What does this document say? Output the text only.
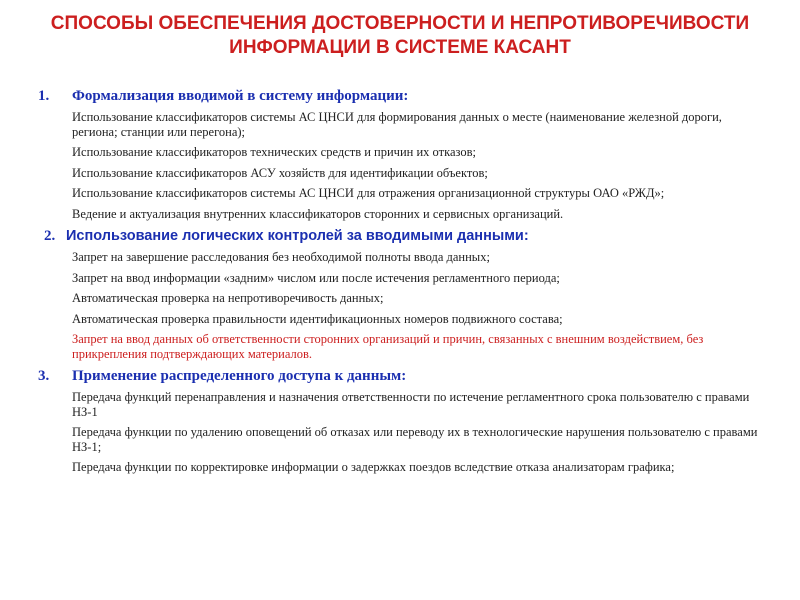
СПОСОБЫ ОБЕСПЕЧЕНИЯ ДОСТОВЕРНОСТИ И НЕПРОТИВОРЕЧИВОСТИ
ИНФОРМАЦИИ В СИСТЕМЕ КАСАНТ
1.	Формализация вводимой в систему информации:
Использование классификаторов системы АС ЦНСИ для формирования данных о месте (наименование железной дороги, региона; станции или перегона);
Использование классификаторов технических средств и причин их отказов;
Использование классификаторов АСУ хозяйств для идентификации объектов;
Использование классификаторов системы АС ЦНСИ для отражения организационной структуры ОАО «РЖД»;
Ведение и актуализация внутренних классификаторов сторонних и сервисных организаций.
2. Использование логических контролей за вводимыми данными:
Запрет на завершение расследования без необходимой полноты ввода данных;
Запрет на ввод информации «задним» числом или после истечения регламентного периода;
Автоматическая проверка на непротиворечивость данных;
Автоматическая проверка правильности идентификационных номеров подвижного состава;
Запрет на ввод данных об ответственности сторонних организаций и причин, связанных с внешним воздействием, без прикрепления подтверждающих материалов.
3.	Применение распределенного доступа к данным:
Передача функций перенаправления и назначения ответственности по истечение регламентного срока пользователю с правами НЗ-1
Передача функции по удалению оповещений об отказах или переводу их в технологические нарушения пользователю с правами НЗ-1;
Передача функции по корректировке информации о задержках поездов вследствие отказа анализаторам графика;
